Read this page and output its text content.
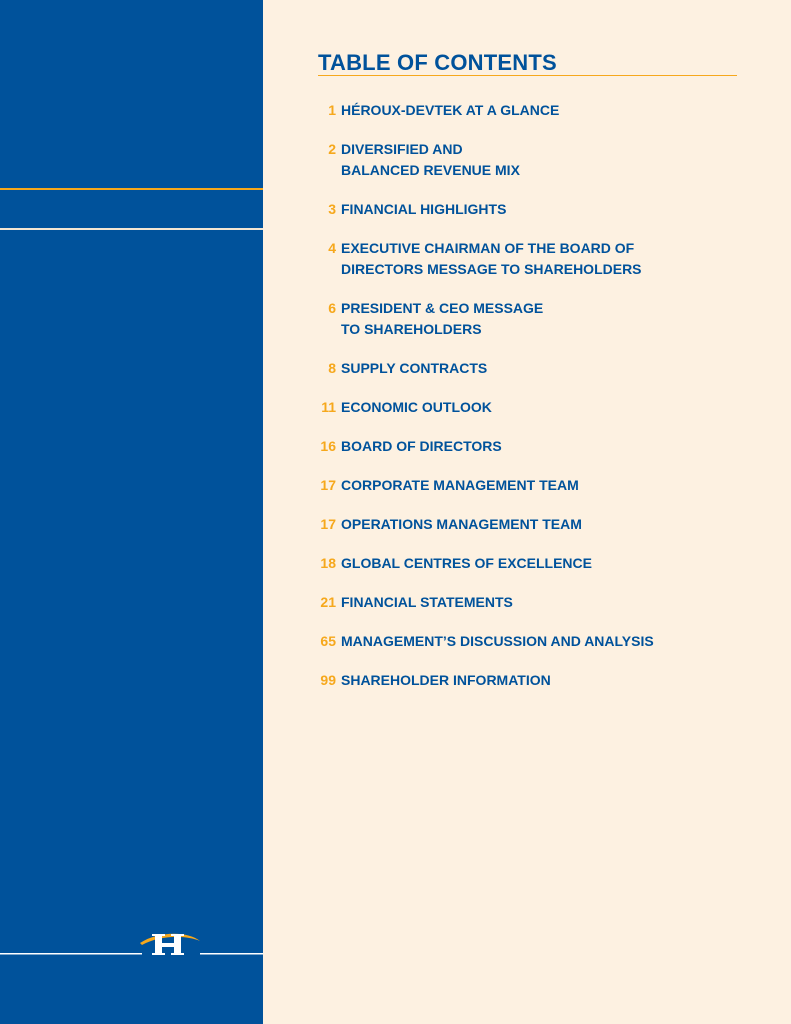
TABLE OF CONTENTS
1 HÉROUX-DEVTEK AT A GLANCE
2 DIVERSIFIED AND
BALANCED REVENUE MIX
3 FINANCIAL HIGHLIGHTS
4 EXECUTIVE CHAIRMAN OF THE BOARD OF
DIRECTORS MESSAGE TO SHAREHOLDERS
6 PRESIDENT & CEO MESSAGE
TO SHAREHOLDERS
8 SUPPLY CONTRACTS
11 ECONOMIC OUTLOOK
16 BOARD OF DIRECTORS
17 CORPORATE MANAGEMENT TEAM
17 OPERATIONS MANAGEMENT TEAM
18 GLOBAL CENTRES OF EXCELLENCE
21 FINANCIAL STATEMENTS
65 MANAGEMENT’S DISCUSSION AND ANALYSIS
99 SHAREHOLDER INFORMATION
